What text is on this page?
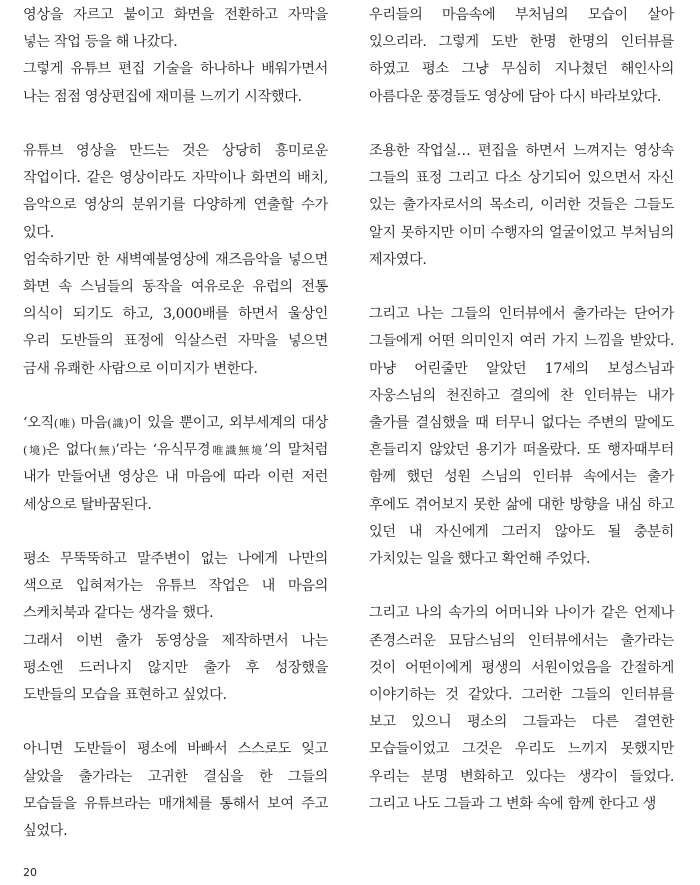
영상을 자르고 붙이고 화면을 전환하고 자막을 넣는 작업 등을 해 나갔다.

그렇게 유튜브 편집 기술을 하나하나 배워가면서 나는 점점 영상편집에 재미를 느끼기 시작했다.

유튜브 영상을 만드는 것은 상당히 흥미로운 작업이다. 같은 영상이라도 자막이나 화면의 배치, 음악으로 영상의 분위기를 다양하게 연출할 수가 있다.

엄숙하기만 한 새벽예불영상에 재즈음악을 넣으면 화면 속 스님들의 동작을 여유로운 유럽의 전통 의식이 되기도 하고, 3,000배를 하면서 울상인 우리 도반들의 표정에 익살스런 자막을 넣으면 금새 유쾌한 사람으로 이미지가 변한다.

‘오직(唯) 마음(識)이 있을 뿐이고, 외부세계의 대상(境)은 없다(無)’라는 ‘유식무경唯識無境’의 말처럼 내가 만들어낸 영상은 내 마음에 따라 이런 저런 세상으로 탈바꿈된다.

평소 무뚝뚝하고 말주변이 없는 나에게 나만의 색으로 입혀져가는 유튜브 작업은 내 마음의 스케치북과 같다는 생각을 했다.

그래서 이번 출가 동영상을 제작하면서 나는 평소엔 드러나지 않지만 출가 후 성장했을 도반들의 모습을 표현하고 싶었다.

아니면 도반들이 평소에 바빠서 스스로도 잊고 살았을 출가라는 고귀한 결심을 한 그들의 모습들을 유튜브라는 매개체를 통해서 보여 주고 싶었다.

우리들의 마음속에 부처님의 모습이 살아 있으리라. 그렇게 도반 한명 한명의 인터뷰를 하였고 평소 그냥 무심히 지나쳤던 해인사의 아름다운 풍경들도 영상에 담아 다시 바라보았다.

조용한 작업실… 편집을 하면서 느껴지는 영상속 그들의 표정 그리고 다소 상기되어 있으면서 자신 있는 출가자로서의 목소리, 이러한 것들은 그들도 알지 못하지만 이미 수행자의 얼굴이었고 부처님의 제자였다.

그리고 나는 그들의 인터뷰에서 출가라는 단어가 그들에게 어떤 의미인지 여러 가지 느낌을 받았다. 마냥 어린줄만 알았던 17세의 보성스님과 자웅스님의 천진하고 결의에 찬 인터뷰는 내가 출가를 결심했을 때 터무니 없다는 주변의 말에도 흔들리지 않았던 용기가 떠올랐다. 또 행자때부터 함께 했던 성원 스님의 인터뷰 속에서는 출가 후에도 겪어보지 못한 삶에 대한 방향을 내심 하고 있던 내 자신에게 그러지 않아도 될 충분히 가치있는 일을 했다고 확언해 주었다.

그리고 나의 속가의 어머니와 나이가 같은 언제나 존경스러운 묘담스님의 인터뷰에서는 출가라는 것이 어떤이에게 평생의 서원이었음을 간절하게 이야기하는 것 같았다. 그러한 그들의 인터뷰를 보고 있으니 평소의 그들과는 다른 결연한 모습들이었고 그것은 우리도 느끼지 못했지만 우리는 분명 변화하고 있다는 생각이 들었다. 그리고 나도 그들과 그 변화 속에 함께 한다고 생

20
